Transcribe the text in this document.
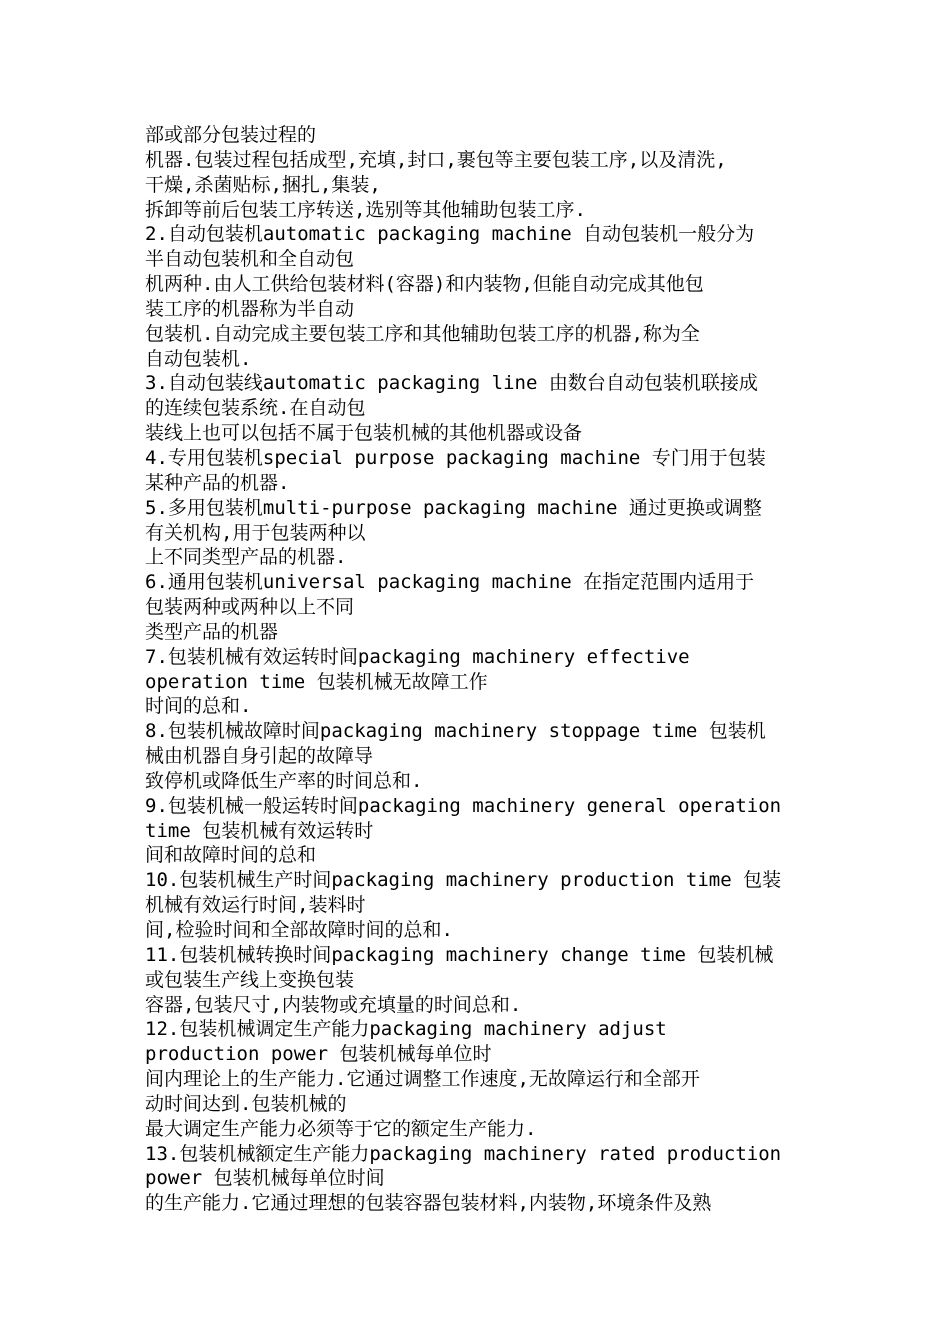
部或部分包装过程的
机器.包装过程包括成型,充填,封口,裹包等主要包装工序,以及清洗,
干燥,杀菌贴标,捆扎,集装,
拆卸等前后包装工序转送,选别等其他辅助包装工序.
2.自动包装机automatic packaging machine 自动包装机一般分为
半自动包装机和全自动包
机两种.由人工供给包装材料(容器)和内装物,但能自动完成其他包
装工序的机器称为半自动
包装机.自动完成主要包装工序和其他辅助包装工序的机器,称为全
自动包装机.
3.自动包装线automatic packaging line 由数台自动包装机联接成
的连续包装系统.在自动包
装线上也可以包括不属于包装机械的其他机器或设备
4.专用包装机special purpose packaging machine 专门用于包装
某种产品的机器.
5.多用包装机multi-purpose packaging machine 通过更换或调整
有关机构,用于包装两种以
上不同类型产品的机器.
6.通用包装机universal packaging machine 在指定范围内适用于
包装两种或两种以上不同
类型产品的机器
7.包装机械有效运转时间packaging machinery effective
operation time 包装机械无故障工作
时间的总和.
8.包装机械故障时间packaging machinery stoppage time 包装机
械由机器自身引起的故障导
致停机或降低生产率的时间总和.
9.包装机械一般运转时间packaging machinery general operation
time 包装机械有效运转时
间和故障时间的总和
10.包装机械生产时间packaging machinery production time 包装
机械有效运行时间,装料时
间,检验时间和全部故障时间的总和.
11.包装机械转换时间packaging machinery change time 包装机械
或包装生产线上变换包装
容器,包装尺寸,内装物或充填量的时间总和.
12.包装机械调定生产能力packaging machinery adjust
production power 包装机械每单位时
间内理论上的生产能力.它通过调整工作速度,无故障运行和全部开
动时间达到.包装机械的
最大调定生产能力必须等于它的额定生产能力.
13.包装机械额定生产能力packaging machinery rated production
power 包装机械每单位时间
的生产能力.它通过理想的包装容器包装材料,内装物,环境条件及熟
